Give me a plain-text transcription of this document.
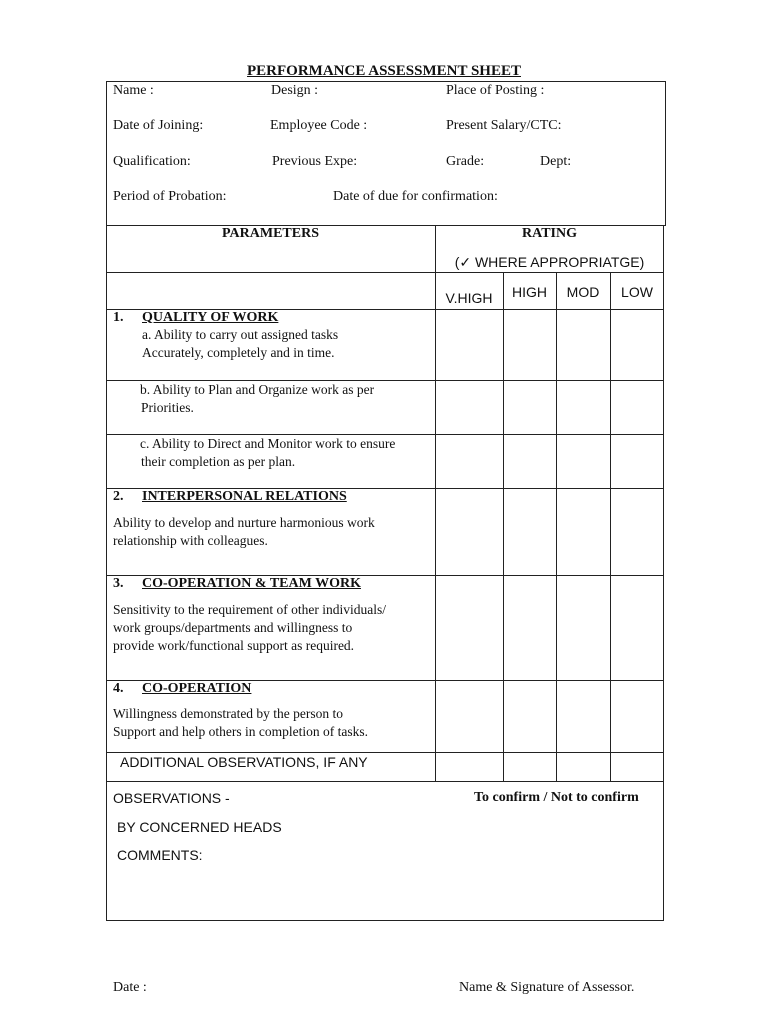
PERFORMANCE ASSESSMENT SHEET
Name :	Design :	Place of Posting :
Date of Joining:	Employee Code :	Present Salary/CTC:
Qualification:	Previous Expe:	Grade:	Dept:
Period of Probation:	Date of due for confirmation:
PARAMETERS	RATING
(✓ WHERE APPROPRIATGE)
V.HIGH	HIGH	MOD	LOW
1. QUALITY OF WORK
a. Ability to carry out assigned tasks
Accurately, completely and in time.
b. Ability to Plan and Organize work as per
Priorities.
c. Ability to Direct and Monitor work to ensure
their completion as per plan.
2. INTERPERSONAL RELATIONS
Ability to develop and nurture harmonious work
relationship with colleagues.
3. CO-OPERATION & TEAM WORK
Sensitivity to the requirement of other individuals/
work groups/departments and willingness to
provide work/functional support as required.
4. CO-OPERATION
Willingness demonstrated by the person to
Support and help others in completion of tasks.
ADDITIONAL OBSERVATIONS, IF ANY
OBSERVATIONS -	To confirm / Not to confirm
BY CONCERNED HEADS
COMMENTS:
Date :	Name & Signature of Assessor.
